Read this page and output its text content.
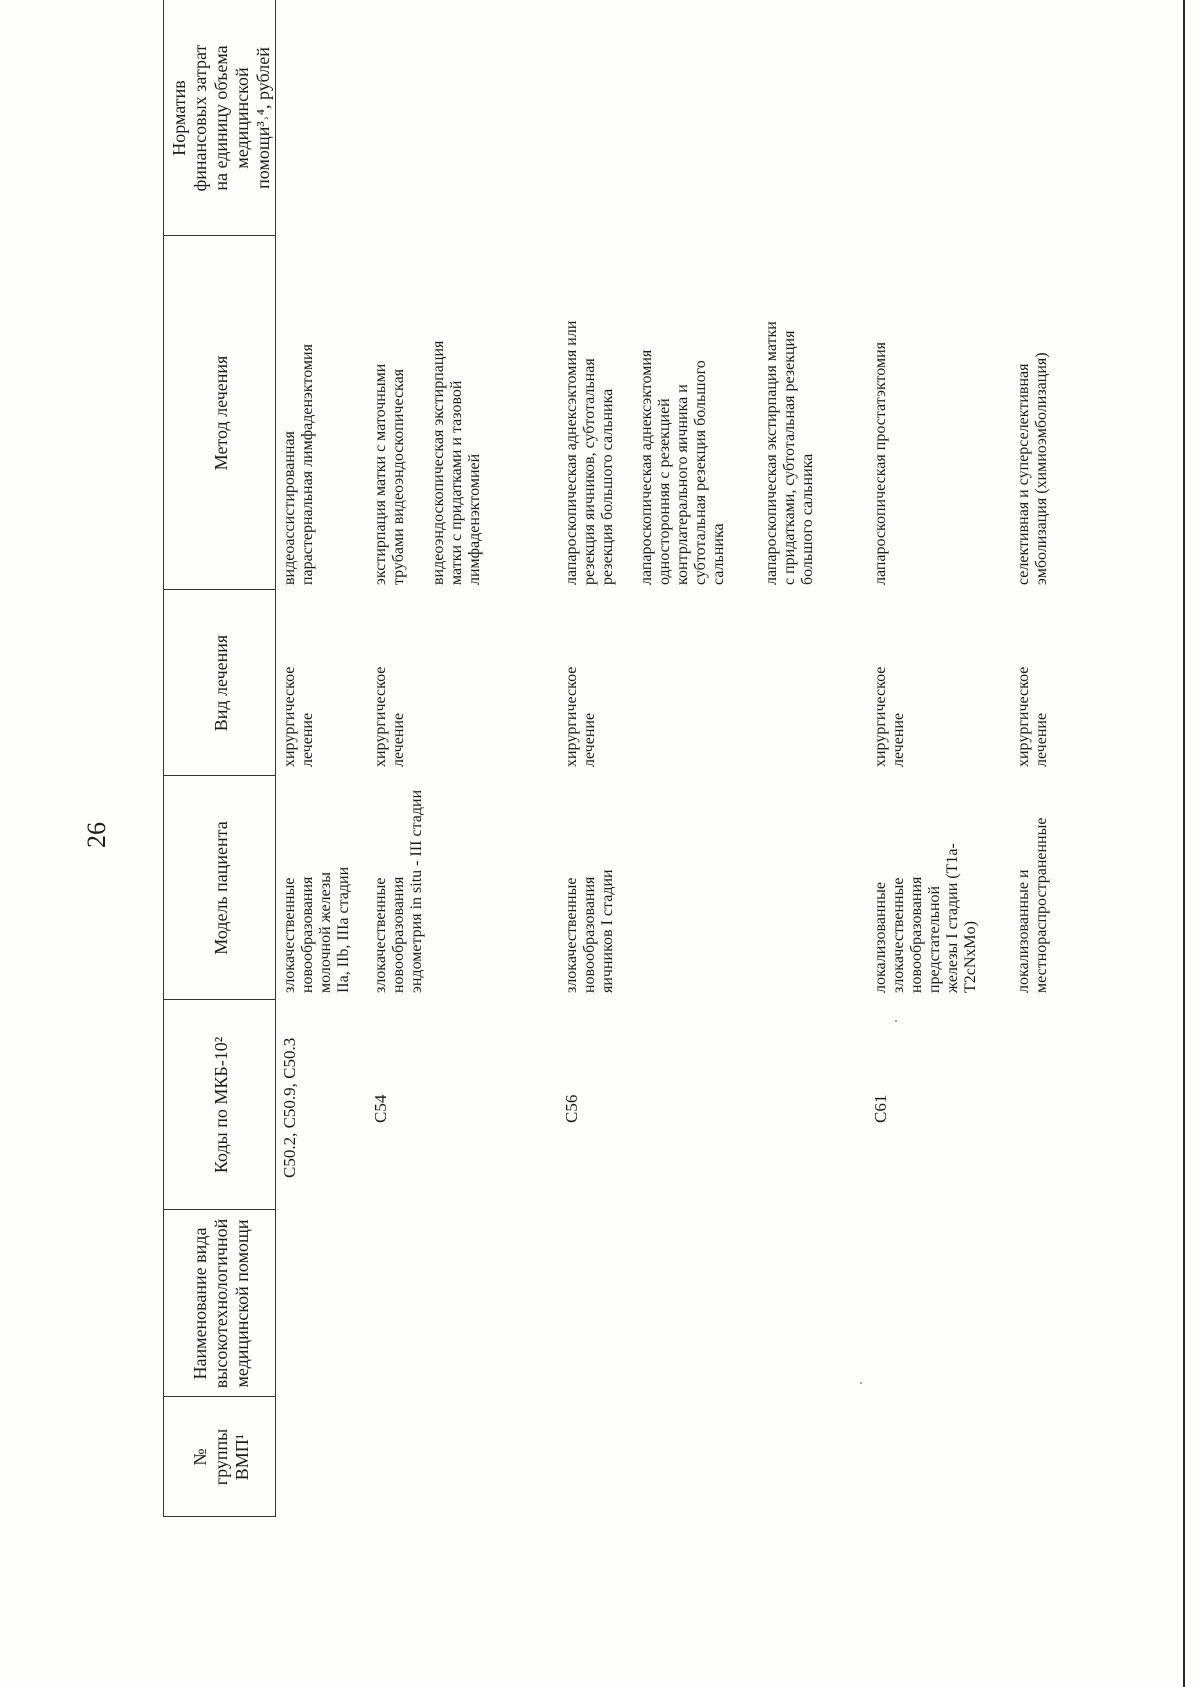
26
№ группы ВМП¹
Наименование вида высокотехнологичной медицинской помощи
Коды по МКБ-10²
Модель пациента
Вид лечения
Метод лечения
Норматив финансовых затрат на единицу объема медицинской помощи³˒⁴, рублей
C50.2, C50.9, C50.3
злокачественные новообразования молочной железы IIa, IIb, IIIa стадии
хирургическое лечение
видеоассистированная парастернальная лимфаденэктомия
C54
злокачественные новообразования эндометрия in situ - III стадии
хирургическое лечение
экстирпация матки с маточными трубами видеоэндоскопическая видеоэндоскопическая экстирпация матки с придатками и тазовой лимфаденэктомией
C56
злокачественные новообразования яичников I стадии
хирургическое лечение
лапароскопическая аднексэктомия или резекция яичников, субтотальная резекция большого сальника лапароскопическая аднексэктомия односторонняя с резекцией контрлатерального яичника и субтотальная резекция большого сальника лапароскопическая экстирпация матки с придатками, субтотальная резекция большого сальника
C61
локализованные злокачественные новообразования предстательной железы I стадии (T1a-T2cNxMo)
хирургическое лечение
лапароскопическая простатэктомия
локализованные и местнораспространенные
хирургическое лечение
селективная и суперселективная эмболизация (химиоэмболизация)
